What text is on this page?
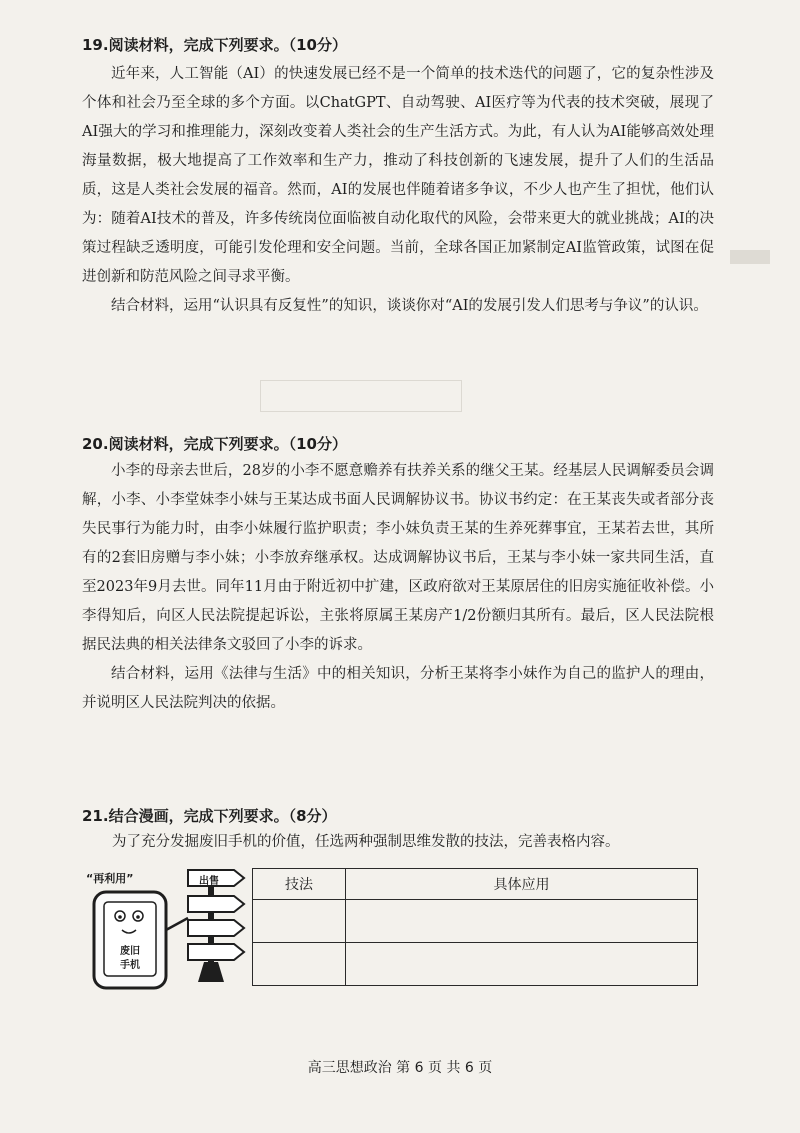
19.阅读材料，完成下列要求。（10分）

近年来，人工智能（AI）的快速发展已经不是一个简单的技术迭代的问题了，它的复杂性涉及个体和社会乃至全球的多个方面。以ChatGPT、自动驾驶、AI医疗等为代表的技术突破，展现了AI强大的学习和推理能力，深刻改变着人类社会的生产生活方式。为此，有人认为AI能够高效处理海量数据，极大地提高了工作效率和生产力，推动了科技创新的飞速发展，提升了人们的生活品质，这是人类社会发展的福音。然而，AI的发展也伴随着诸多争议，不少人也产生了担忧，他们认为：随着AI技术的普及，许多传统岗位面临被自动化取代的风险，会带来更大的就业挑战；AI的决策过程缺乏透明度，可能引发伦理和安全问题。当前，全球各国正加紧制定AI监管政策，试图在促进创新和防范风险之间寻求平衡。

结合材料，运用“认识具有反复性”的知识，谈谈你对“AI的发展引发人们思考与争议”的认识。

20.阅读材料，完成下列要求。（10分）

小李的母亲去世后，28岁的小李不愿意赡养有扶养关系的继父王某。经基层人民调解委员会调解，小李、小李堂妹李小妹与王某达成书面人民调解协议书。协议书约定：在王某丧失或者部分丧失民事行为能力时，由李小妹履行监护职责；李小妹负责王某的生养死葬事宜，王某若去世，其所有的2套旧房赠与李小妹；小李放弃继承权。达成调解协议书后，王某与李小妹一家共同生活，直至2023年9月去世。同年11月由于附近初中扩建，区政府欲对王某原居住的旧房实施征收补偿。小李得知后，向区人民法院提起诉讼，主张将原属王某房产1/2份额归其所有。最后，区人民法院根据民法典的相关法律条文驳回了小李的诉求。

结合材料，运用《法律与生活》中的相关知识，分析王某将李小妹作为自己的监护人的理由，并说明区人民法院判决的依据。

21.结合漫画，完成下列要求。（8分）
为了充分发掘废旧手机的价值，任选两种强制思维发散的技法，完善表格内容。
“再利用”	出售
废旧
手机
技法	具体应用

高三思想政治 第 6 页 共 6 页
